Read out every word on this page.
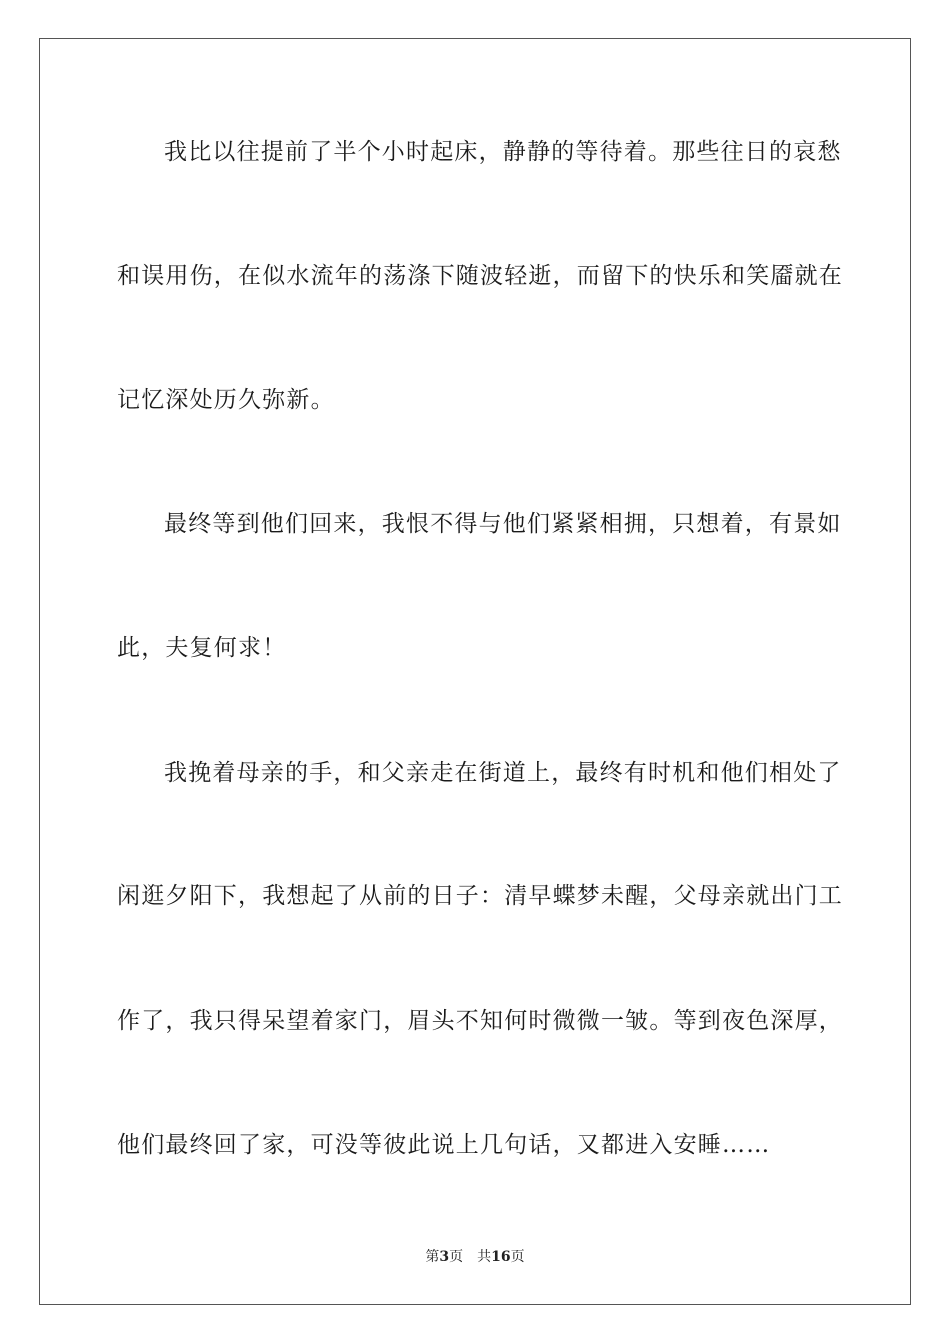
我比以往提前了半个小时起床，静静的等待着。那些往日的哀愁
和误用伤，在似水流年的荡涤下随波轻逝，而留下的快乐和笑靥就在
记忆深处历久弥新。
最终等到他们回来，我恨不得与他们紧紧相拥，只想着，有景如
此，夫复何求！
我挽着母亲的手，和父亲走在街道上，最终有时机和他们相处了
闲逛夕阳下，我想起了从前的日子：清早蝶梦未醒，父母亲就出门工
作了，我只得呆望着家门，眉头不知何时微微一皱。等到夜色深厚，
他们最终回了家，可没等彼此说上几句话，又都进入安睡……
第3页 共16页
